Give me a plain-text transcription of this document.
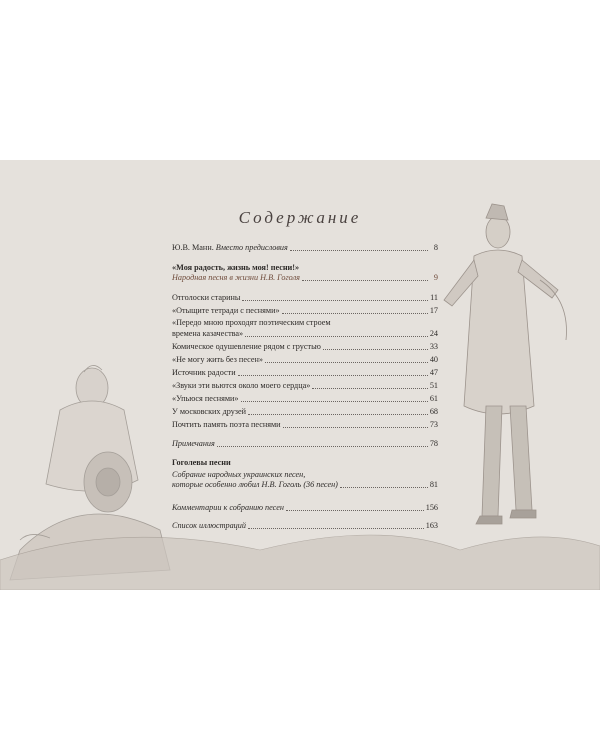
Содержание
Ю.В. Манн. Вместо предисловия	8
«Моя радость, жизнь моя! песни!»
Народная песня в жизни Н.В. Гоголя	9
Отголоски старины	11
«Отыщите тетради с песнями»	17
«Передо мною проходят поэтическим строем
времена казачества»	24
Комическое одушевление рядом с грустью	33
«Не могу жить без песен»	40
Источник радости	47
«Звуки эти вьются около моего сердца»	51
«Упьюся песнями»	61
У московских друзей	68
Почтить память поэта песнями	73
Примечания	78
Гоголевы песни
Собрание народных украинских песен,
которые особенно любил Н.В. Гоголь (36 песен)	81
Комментарии к собранию песен	156
Список иллюстраций	163
